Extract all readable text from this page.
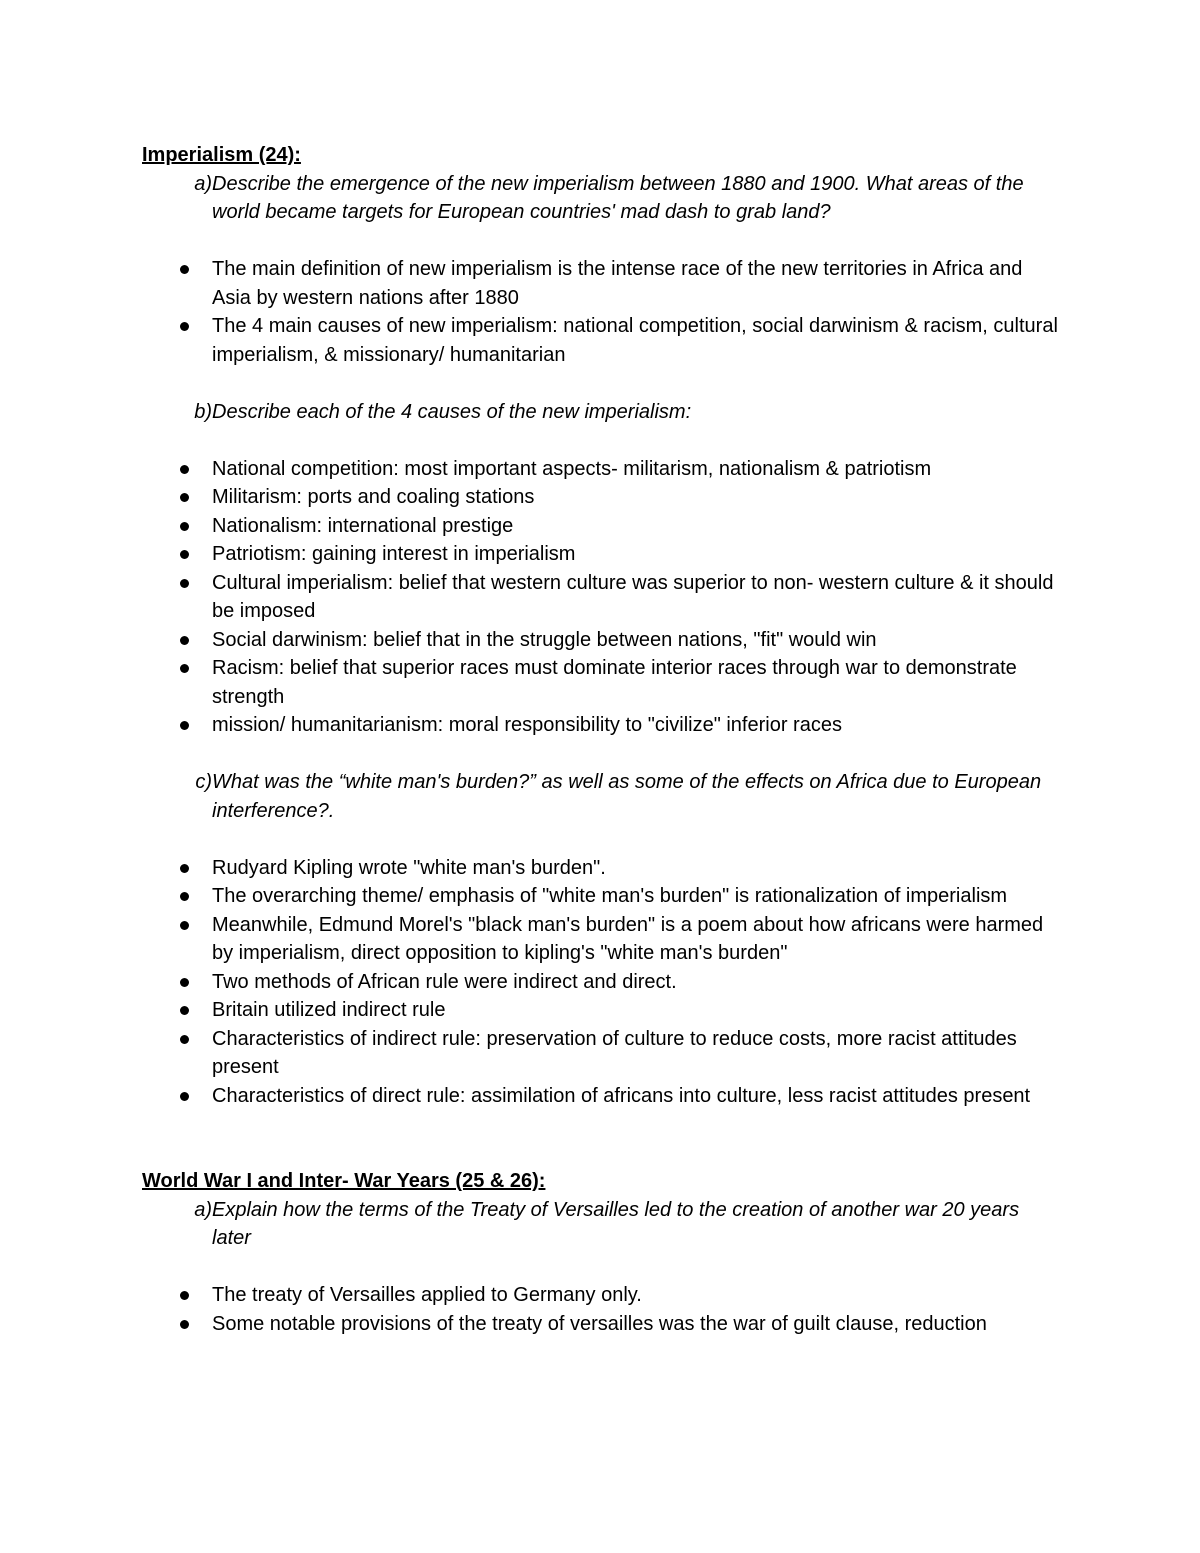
Imperialism (24):

a) Describe the emergence of the new imperialism between 1880 and 1900. What areas of the world became targets for European countries' mad dash to grab land?
The main definition of new imperialism is the intense race of the new territories in Africa and Asia by western nations after 1880
The 4 main causes of new imperialism: national competition, social darwinism & racism, cultural imperialism, & missionary/ humanitarian
b) Describe each of the 4 causes of the new imperialism:
National competition: most important aspects- militarism, nationalism & patriotism
Militarism: ports and coaling stations
Nationalism: international prestige
Patriotism: gaining interest in imperialism
Cultural imperialism: belief that western culture was superior to non- western culture & it should be imposed
Social darwinism: belief that in the struggle between nations, "fit" would win
Racism: belief that superior races must dominate interior races through war to demonstrate strength
mission/ humanitarianism: moral responsibility to "civilize" inferior races
c) What was the “white man's burden?” as well as some of the effects on Africa due to European interference?.
Rudyard Kipling wrote "white man's burden".
The overarching theme/ emphasis of "white man's burden" is rationalization of imperialism
Meanwhile, Edmund Morel's "black man's burden" is a poem about how africans were harmed by imperialism, direct opposition to kipling's "white man's burden"
Two methods of African rule were indirect and direct.
Britain utilized indirect rule
Characteristics of indirect rule: preservation of culture to reduce costs, more racist attitudes present
Characteristics of direct rule: assimilation of africans into culture, less racist attitudes present

World War I and Inter- War Years (25 & 26):

a) Explain how the terms of the Treaty of Versailles led to the creation of another war 20 years later
The treaty of Versailles applied to Germany only.
Some notable provisions of the treaty of versailles was the war of guilt clause, reduction
